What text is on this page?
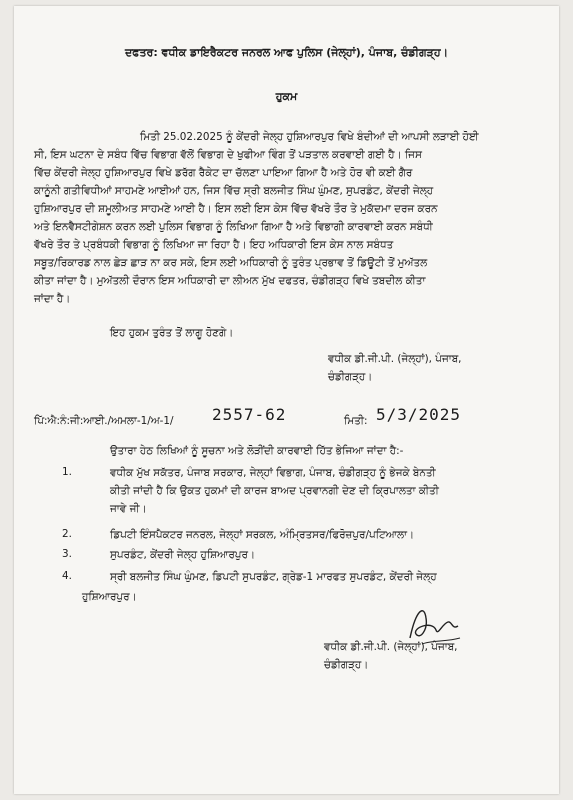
ਦਫਤਰ: ਵਧੀਕ ਡਾਇਰੈਕਟਰ ਜਨਰਲ ਆਫ ਪੁਲਿਸ (ਜੇਲ੍ਹਾਂ), ਪੰਜਾਬ, ਚੰਡੀਗੜ੍ਹ।
ਹੁਕਮ
ਮਿਤੀ 25.02.2025 ਨੂੰ ਕੇਂਦਰੀ ਜੇਲ੍ਹ ਹੁਸ਼ਿਆਰਪੁਰ ਵਿਖੇ ਬੰਦੀਆਂ ਦੀ ਆਪਸੀ ਲੜਾਈ ਹੋਈ
ਸੀ, ਇਸ ਘਟਨਾ ਦੇ ਸਬੰਧ ਵਿੱਚ ਵਿਭਾਗ ਵੱਲੋਂ ਵਿਭਾਗ ਦੇ ਖੁਫੀਆ ਵਿੰਗ ਤੋਂ ਪੜਤਾਲ ਕਰਵਾਈ ਗਈ ਹੈ। ਜਿਸ
ਵਿੱਚ ਕੇਂਦਰੀ ਜੇਲ੍ਹ ਹੁਸ਼ਿਆਰਪੁਰ ਵਿਖੇ ਡਰੱਗ ਰੈਕੇਟ ਦਾ ਚੱਲਣਾ ਪਾਇਆ ਗਿਆ ਹੈ ਅਤੇ ਹੋਰ ਵੀ ਕਈ ਗੈਰ
ਕਾਨੂੰਨੀ ਗਤੀਵਿਧੀਆਂ ਸਾਹਮਣੇ ਆਈਆਂ ਹਨ, ਜਿਸ ਵਿੱਚ ਸ੍ਰੀ ਬਲਜੀਤ ਸਿੰਘ ਘੁੰਮਣ, ਸੁਪਰਡੰਟ, ਕੇਂਦਰੀ ਜੇਲ੍ਹ
ਹੁਸ਼ਿਆਰਪੁਰ ਦੀ ਸ਼ਮੂਲੀਅਤ ਸਾਹਮਣੇ ਆਈ ਹੈ। ਇਸ ਲਈ ਇਸ ਕੇਸ ਵਿੱਚ ਵੱਖਰੇ ਤੌਰ ਤੇ ਮੁਕੱਦਮਾ ਦਰਜ ਕਰਨ
ਅਤੇ ਇਨਵੈਸਟੀਗੇਸ਼ਨ ਕਰਨ ਲਈ ਪੁਲਿਸ ਵਿਭਾਗ ਨੂੰ ਲਿਖਿਆ ਗਿਆ ਹੈ ਅਤੇ ਵਿਭਾਗੀ ਕਾਰਵਾਈ ਕਰਨ ਸਬੰਧੀ
ਵੱਖਰੇ ਤੌਰ ਤੇ ਪ੍ਰਬੰਧਕੀ ਵਿਭਾਗ ਨੂੰ ਲਿਖਿਆ ਜਾ ਰਿਹਾ ਹੈ। ਇਹ ਅਧਿਕਾਰੀ ਇਸ ਕੇਸ ਨਾਲ ਸਬੰਧਤ
ਸਬੂਤ/ਰਿਕਾਰਡ ਨਾਲ ਛੇੜ ਛਾੜ ਨਾ ਕਰ ਸਕੇ, ਇਸ ਲਈ ਅਧਿਕਾਰੀ ਨੂੰ ਤੁਰੰਤ ਪ੍ਰਭਾਵ ਤੋਂ ਡਿਊਟੀ ਤੋਂ ਮੁਅੱਤਲ
ਕੀਤਾ ਜਾਂਦਾ ਹੈ। ਮੁਅੱਤਲੀ ਦੌਰਾਨ ਇਸ ਅਧਿਕਾਰੀ ਦਾ ਲੀਅਨ ਮੁੱਖ ਦਫਤਰ, ਚੰਡੀਗੜ੍ਹ ਵਿਖੇ ਤਬਦੀਲ ਕੀਤਾ
ਜਾਂਦਾ ਹੈ।
ਇਹ ਹੁਕਮ ਤੁਰੰਤ ਤੋਂ ਲਾਗੂ ਹੋਣਗੇ।
ਵਧੀਕ ਡੀ.ਜੀ.ਪੀ. (ਜੇਲ੍ਹਾਂ), ਪੰਜਾਬ,
ਚੰਡੀਗੜ੍ਹ।
ਪਿੱ:ਐ:ਨੰ:ਜੀ:ਆਈ./ਅਮਲਾ-1/ਅ-1/ 2557-62	ਮਿਤੀ: 5/3/2025
ਉਤਾਰਾ ਹੇਠ ਲਿਖਿਆਂ ਨੂੰ ਸੂਚਨਾ ਅਤੇ ਲੋੜੀਂਦੀ ਕਾਰਵਾਈ ਹਿੱਤ ਭੇਜਿਆ ਜਾਂਦਾ ਹੈ:-
1.	ਵਧੀਕ ਮੁੱਖ ਸਕੱਤਰ, ਪੰਜਾਬ ਸਰਕਾਰ, ਜੇਲ੍ਹਾਂ ਵਿਭਾਗ, ਪੰਜਾਬ, ਚੰਡੀਗੜ੍ਹ ਨੂੰ ਭੇਜਕੇ ਬੇਨਤੀ
ਕੀਤੀ ਜਾਂਦੀ ਹੈ ਕਿ ਉਕਤ ਹੁਕਮਾਂ ਦੀ ਕਾਰਜ ਬਾਅਦ ਪ੍ਰਵਾਨਗੀ ਦੇਣ ਦੀ ਕ੍ਰਿਪਾਲਤਾ ਕੀਤੀ
ਜਾਵੇ ਜੀ।
2.	ਡਿਪਟੀ ਇੰਸਪੈਕਟਰ ਜਨਰਲ, ਜੇਲ੍ਹਾਂ ਸਰਕਲ, ਅੰਮ੍ਰਿਤਸਰ/ਫਿਰੋਜ਼ਪੁਰ/ਪਟਿਆਲਾ।
3.	ਸੁਪਰਡੰਟ, ਕੇਂਦਰੀ ਜੇਲ੍ਹ ਹੁਸ਼ਿਆਰਪੁਰ।
4.	ਸ੍ਰੀ ਬਲਜੀਤ ਸਿੰਘ ਘੁੰਮਣ, ਡਿਪਟੀ ਸੁਪਰਡੰਟ, ਗ੍ਰੇਡ-1 ਮਾਰਫਤ ਸੁਪਰਡੰਟ, ਕੇਂਦਰੀ ਜੇਲ੍ਹ
ਹੁਸ਼ਿਆਰਪੁਰ।
ਵਧੀਕ ਡੀ.ਜੀ.ਪੀ. (ਜੇਲ੍ਹਾਂ), ਪੰਜਾਬ,
ਚੰਡੀਗੜ੍ਹ।
